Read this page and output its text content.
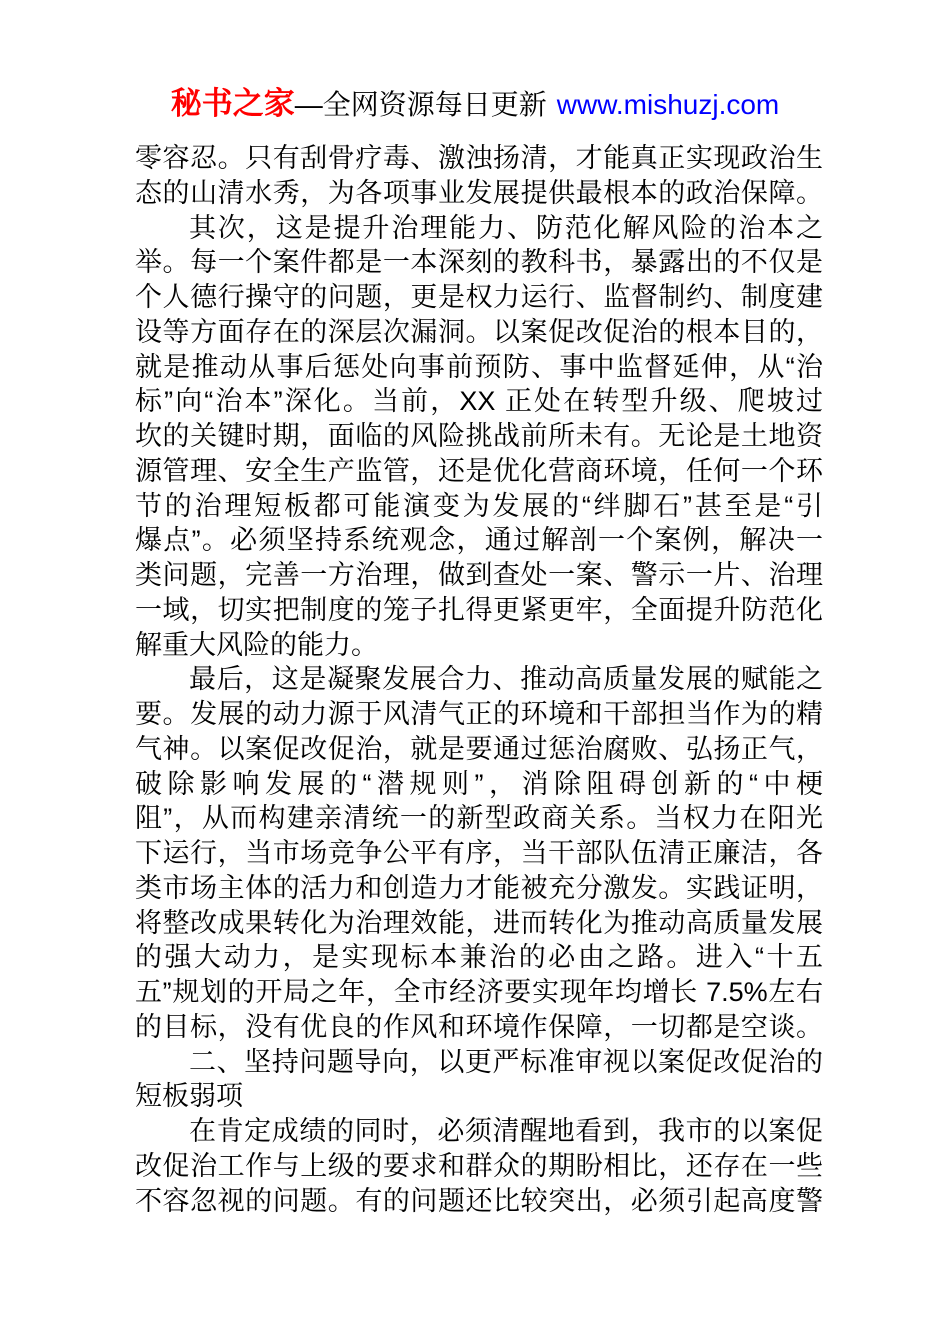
秘书之家—全网资源每日更新 www.mishuzj.com
零容忍。只有刮骨疗毒、激浊扬清，才能真正实现政治生
态的山清水秀，为各项事业发展提供最根本的政治保障。
其次，这是提升治理能力、防范化解风险的治本之
举。每一个案件都是一本深刻的教科书，暴露出的不仅是
个人德行操守的问题，更是权力运行、监督制约、制度建
设等方面存在的深层次漏洞。以案促改促治的根本目的，
就是推动从事后惩处向事前预防、事中监督延伸，从“治
标”向“治本”深化。当前，XX 正处在转型升级、爬坡过
坎的关键时期，面临的风险挑战前所未有。无论是土地资
源管理、安全生产监管，还是优化营商环境，任何一个环
节的治理短板都可能演变为发展的“绊脚石”甚至是“引
爆点”。必须坚持系统观念，通过解剖一个案例，解决一
类问题，完善一方治理，做到查处一案、警示一片、治理
一域，切实把制度的笼子扎得更紧更牢，全面提升防范化
解重大风险的能力。
最后，这是凝聚发展合力、推动高质量发展的赋能之
要。发展的动力源于风清气正的环境和干部担当作为的精
气神。以案促改促治，就是要通过惩治腐败、弘扬正气，
破除影响发展的“潜规则”，消除阻碍创新的“中梗
阻”，从而构建亲清统一的新型政商关系。当权力在阳光
下运行，当市场竞争公平有序，当干部队伍清正廉洁，各
类市场主体的活力和创造力才能被充分激发。实践证明，
将整改成果转化为治理效能，进而转化为推动高质量发展
的强大动力，是实现标本兼治的必由之路。进入“十五
五”规划的开局之年，全市经济要实现年均增长 7.5%左右
的目标，没有优良的作风和环境作保障，一切都是空谈。
二、坚持问题导向，以更严标准审视以案促改促治的
短板弱项
在肯定成绩的同时，必须清醒地看到，我市的以案促
改促治工作与上级的要求和群众的期盼相比，还存在一些
不容忽视的问题。有的问题还比较突出，必须引起高度警
